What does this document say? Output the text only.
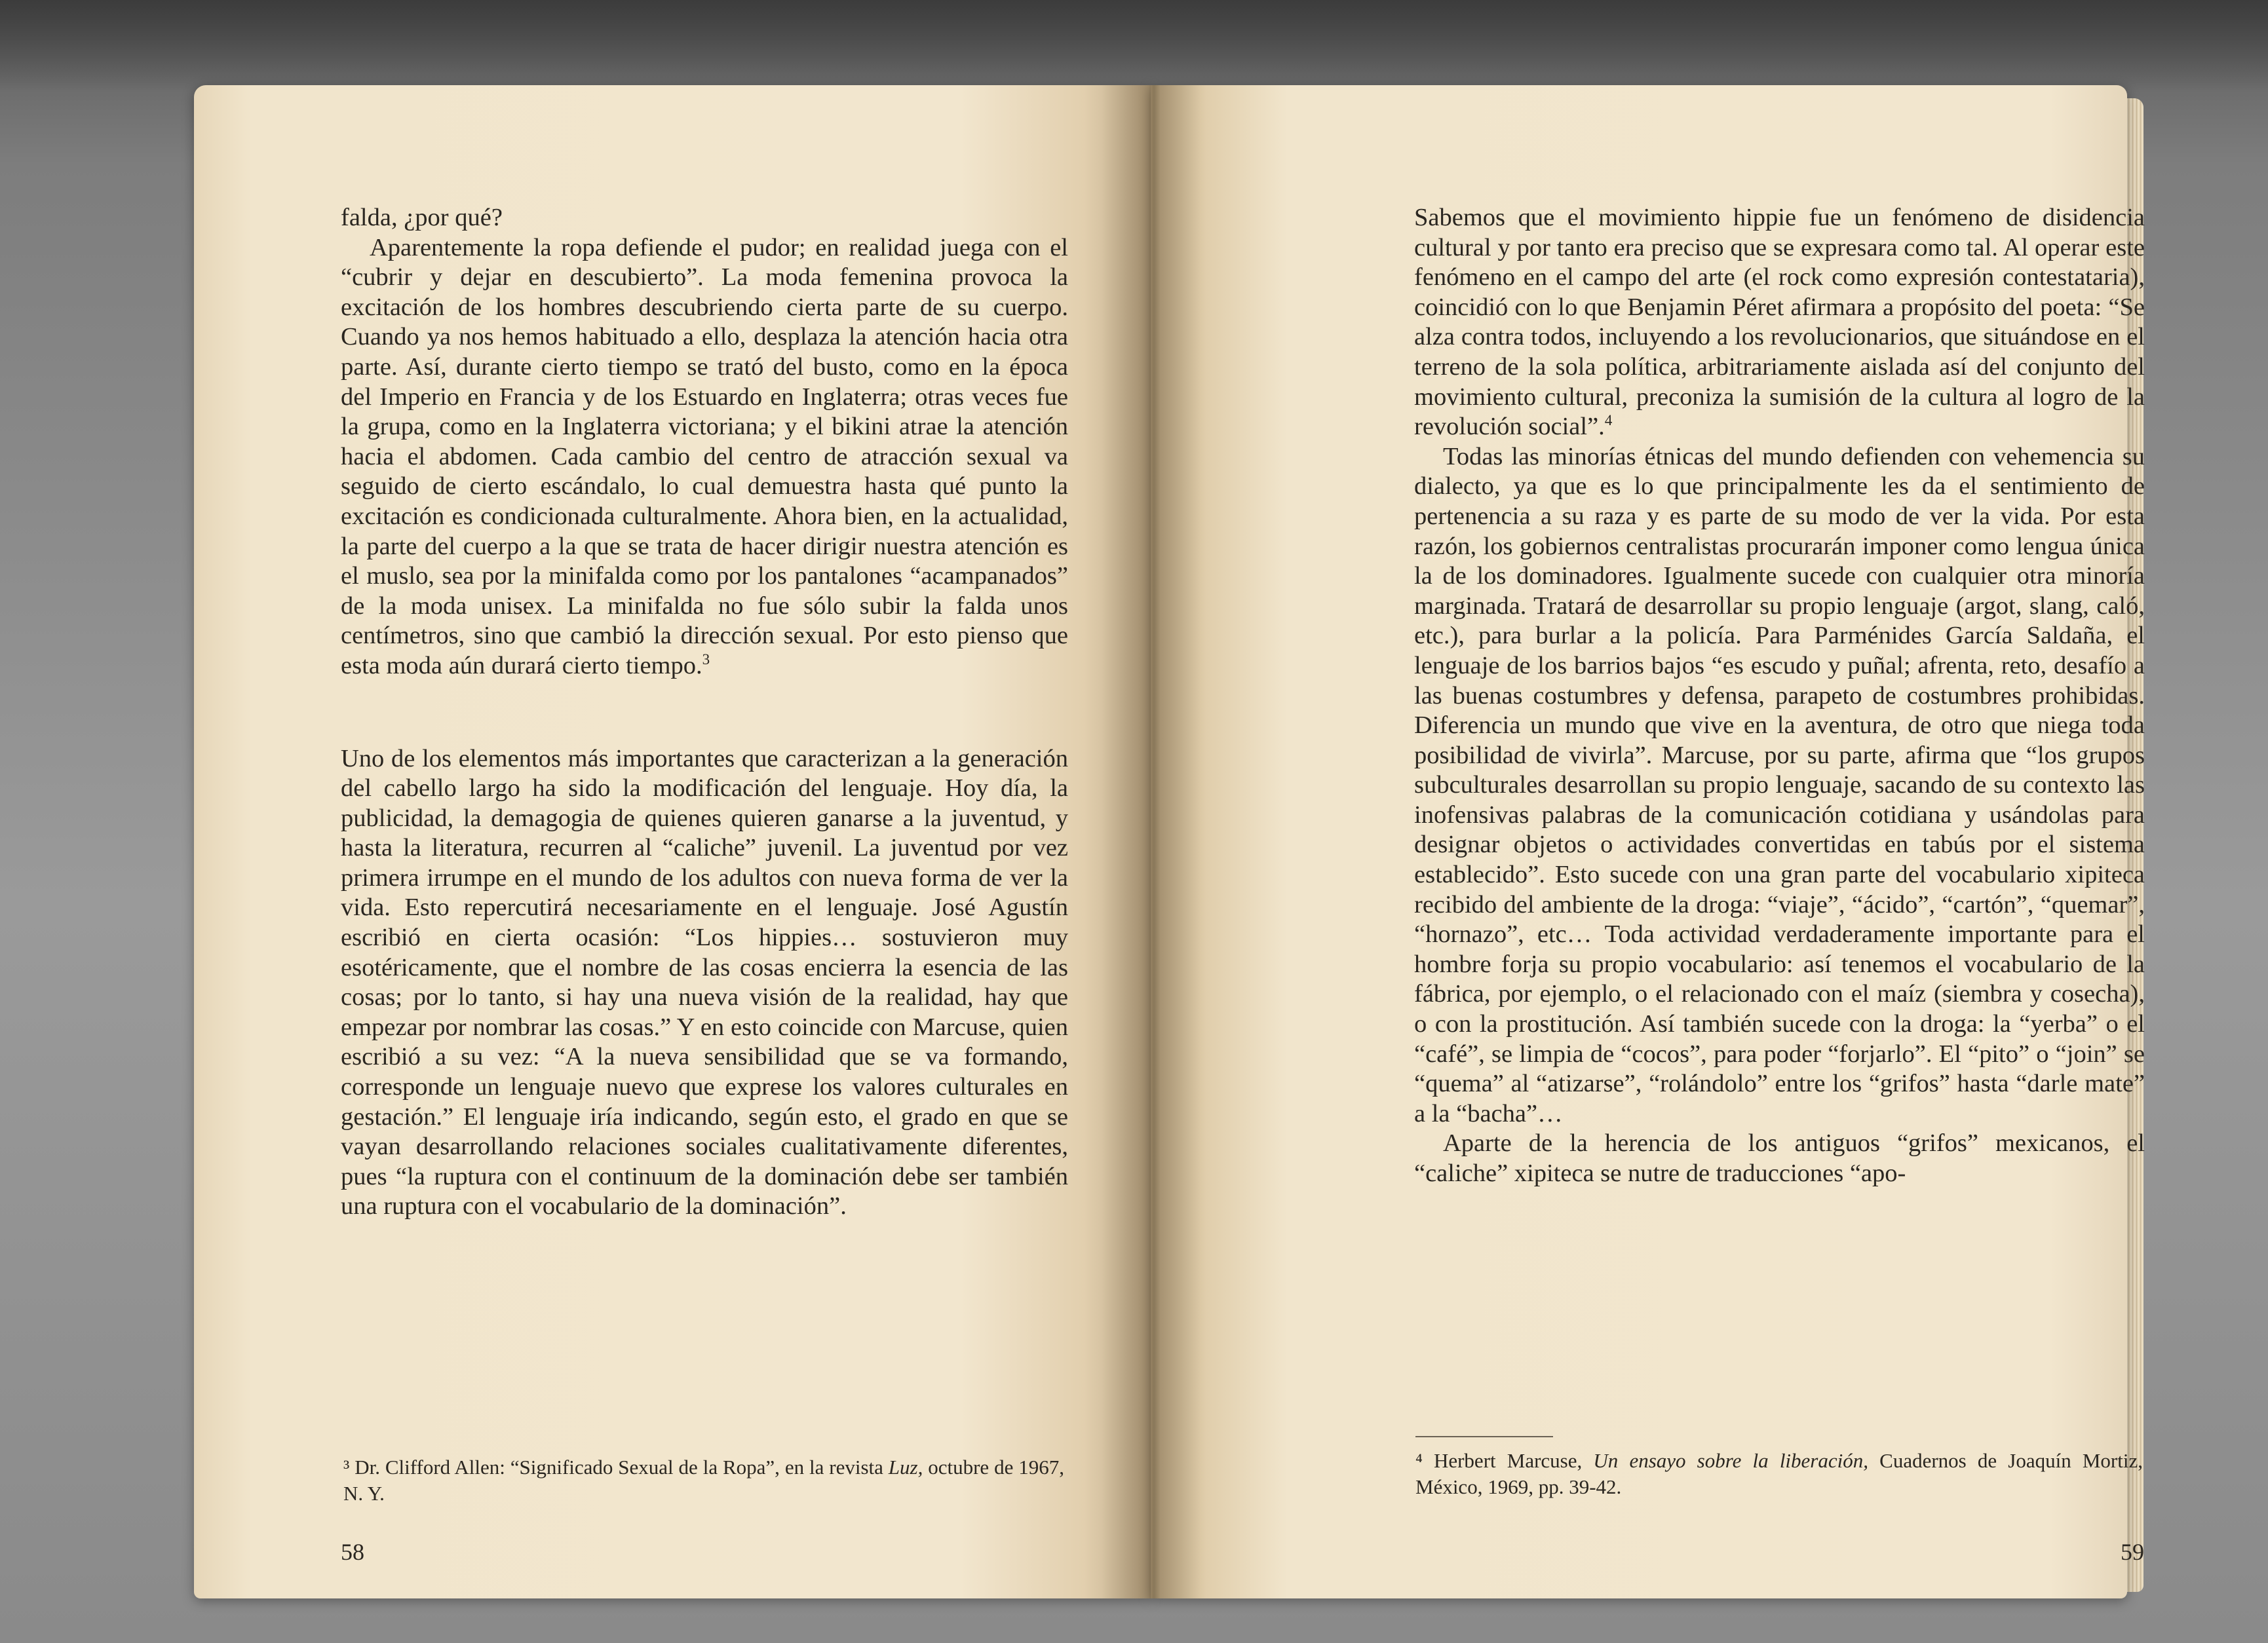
falda, ¿por qué?

Aparentemente la ropa defiende el pudor; en realidad juega con el “cubrir y dejar en descubierto”. La moda femenina provoca la excitación de los hombres descubriendo cierta parte de su cuerpo. Cuando ya nos hemos habituado a ello, desplaza la atención hacia otra parte. Así, durante cierto tiempo se trató del busto, como en la época del Imperio en Francia y de los Estuardo en Inglaterra; otras veces fue la grupa, como en la Inglaterra victoriana; y el bikini atrae la atención hacia el abdomen. Cada cambio del centro de atracción sexual va seguido de cierto escándalo, lo cual demuestra hasta qué punto la excitación es condicionada culturalmente. Ahora bien, en la actualidad, la parte del cuerpo a la que se trata de hacer dirigir nuestra atención es el muslo, sea por la minifalda como por los pantalones “acampanados” de la moda unisex. La minifalda no fue sólo subir la falda unos centímetros, sino que cambió la dirección sexual. Por esto pienso que esta moda aún durará cierto tiempo.$^3$

Uno de los elementos más importantes que caracterizan a la generación del cabello largo ha sido la modificación del lenguaje. Hoy día, la publicidad, la demagogia de quienes quieren ganarse a la juventud, y hasta la literatura, recurren al “caliche” juvenil. La juventud por vez primera irrumpe en el mundo de los adultos con nueva forma de ver la vida. Esto repercutirá necesariamente en el lenguaje. José Agustín escribió en cierta ocasión: “Los hippies… sostuvieron muy esotéricamente, que el nombre de las cosas encierra la esencia de las cosas; por lo tanto, si hay una nueva visión de la realidad, hay que empezar por nombrar las cosas.” Y en esto coincide con Marcuse, quien escribió a su vez: “A la nueva sensibilidad que se va formando, corresponde un lenguaje nuevo que exprese los valores culturales en gestación.” El lenguaje iría indicando, según esto, el grado en que se vayan desarrollando relaciones sociales cualitativamente diferentes, pues “la ruptura con el continuum de la dominación debe ser también una ruptura con el vocabulario de la dominación”.

³ Dr. Clifford Allen: “Significado Sexual de la Ropa”, en la revista Luz, octubre de 1967, N. Y.
58

Sabemos que el movimiento hippie fue un fenómeno de disidencia cultural y por tanto era preciso que se expresara como tal. Al operar este fenómeno en el campo del arte (el rock como expresión contestataria), coincidió con lo que Benjamin Péret afirmara a propósito del poeta: “Se alza contra todos, incluyendo a los revolucionarios, que situándose en el terreno de la sola política, arbitrariamente aislada así del conjunto del movimiento cultural, preconiza la sumisión de la cultura al logro de la revolución social”.$^4$

Todas las minorías étnicas del mundo defienden con vehemencia su dialecto, ya que es lo que principalmente les da el sentimiento de pertenencia a su raza y es parte de su modo de ver la vida. Por esta razón, los gobiernos centralistas procurarán imponer como lengua única la de los dominadores. Igualmente sucede con cualquier otra minoría marginada. Tratará de desarrollar su propio lenguaje (argot, slang, caló, etc.), para burlar a la policía. Para Parménides García Saldaña, el lenguaje de los barrios bajos “es escudo y puñal; afrenta, reto, desafío a las buenas costumbres y defensa, parapeto de costumbres prohibidas. Diferencia un mundo que vive en la aventura, de otro que niega toda posibilidad de vivirla”. Marcuse, por su parte, afirma que “los grupos subculturales desarrollan su propio lenguaje, sacando de su contexto las inofensivas palabras de la comunicación cotidiana y usándolas para designar objetos o actividades convertidas en tabús por el sistema establecido”. Esto sucede con una gran parte del vocabulario xipiteca recibido del ambiente de la droga: “viaje”, “ácido”, “cartón”, “quemar”, “hornazo”, etc… Toda actividad verdaderamente importante para el hombre forja su propio vocabulario: así tenemos el vocabulario de la fábrica, por ejemplo, o el relacionado con el maíz (siembra y cosecha), o con la prostitución. Así también sucede con la droga: la “yerba” o el “café”, se limpia de “cocos”, para poder “forjarlo”. El “pito” o “join” se “quema” al “atizarse”, “rolándolo” entre los “grifos” hasta “darle mate” a la “bacha”…

Aparte de la herencia de los antiguos “grifos” mexicanos, el “caliche” xipiteca se nutre de traducciones “apo-

⁴ Herbert Marcuse, Un ensayo sobre la liberación, Cuadernos de Joaquín Mortiz, México, 1969, pp. 39-42.
59
